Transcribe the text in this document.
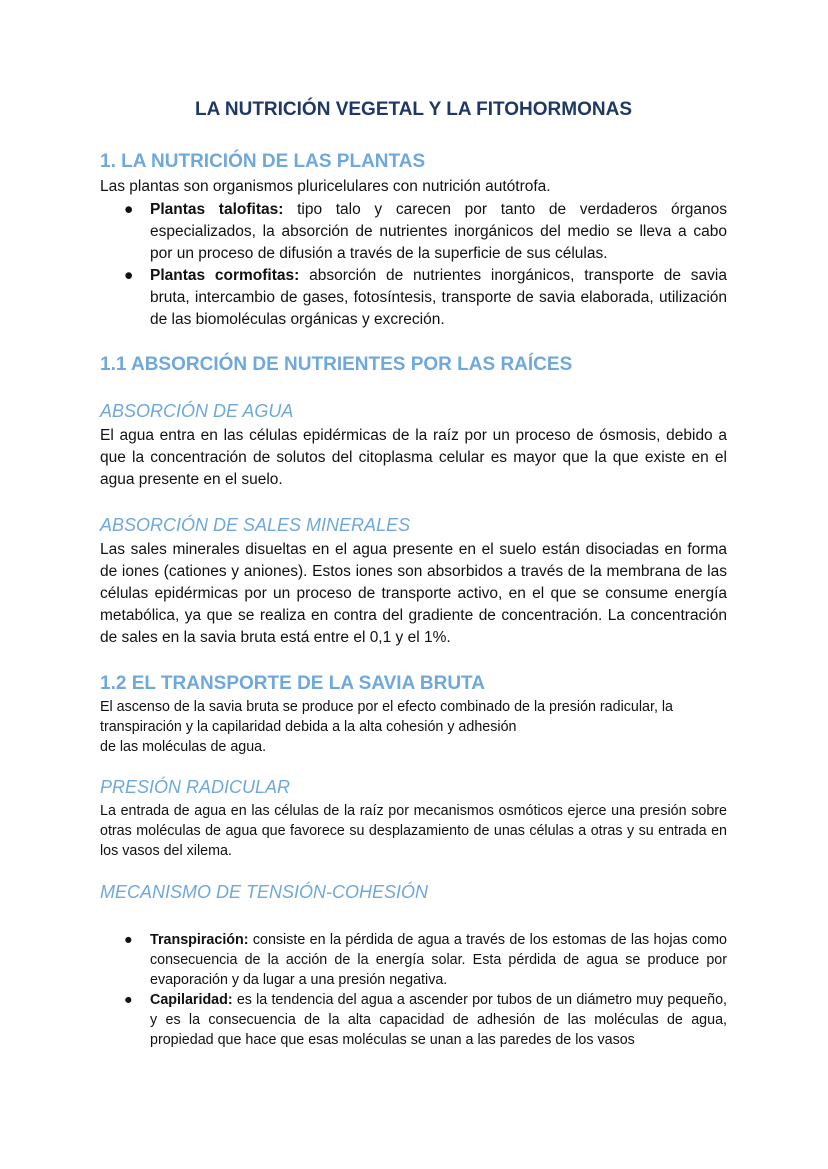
LA NUTRICIÓN VEGETAL Y LA FITOHORMONAS
1. LA NUTRICIÓN DE LAS PLANTAS

Las plantas son organismos pluricelulares con nutrición autótrofa.

● Plantas talofitas: tipo talo y carecen por tanto de verdaderos órganos especializados, la absorción de nutrientes inorgánicos del medio se lleva a cabo por un proceso de difusión a través de la superficie de sus células.
● Plantas cormofitas: absorción de nutrientes inorgánicos, transporte de savia bruta, intercambio de gases, fotosíntesis, transporte de savia elaborada, utilización de las biomoléculas orgánicas y excreción.
1.1 ABSORCIÓN DE NUTRIENTES POR LAS RAÍCES
ABSORCIÓN DE AGUA

El agua entra en las células epidérmicas de la raíz por un proceso de ósmosis, debido a que la concentración de solutos del citoplasma celular es mayor que la que existe en el agua presente en el suelo.

ABSORCIÓN DE SALES MINERALES

Las sales minerales disueltas en el agua presente en el suelo están disociadas en forma de iones (cationes y aniones). Estos iones son absorbidos a través de la membrana de las células epidérmicas por un proceso de transporte activo, en el que se consume energía metabólica, ya que se realiza en contra del gradiente de concentración. La concentración de sales en la savia bruta está entre el 0,1 y el 1%.

1.2 EL TRANSPORTE DE LA SAVIA BRUTA
El ascenso de la savia bruta se produce por el efecto combinado de la presión radicular, la
transpiración y la capilaridad debida a la alta cohesión y adhesión
de las moléculas de agua.
PRESIÓN RADICULAR

La entrada de agua en las células de la raíz por mecanismos osmóticos ejerce una presión sobre otras moléculas de agua que favorece su desplazamiento de unas células a otras y su entrada en los vasos del xilema.

MECANISMO DE TENSIÓN-COHESIÓN
● Transpiración: consiste en la pérdida de agua a través de los estomas de las hojas como consecuencia de la acción de la energía solar. Esta pérdida de agua se produce por evaporación y da lugar a una presión negativa.
● Capilaridad: es la tendencia del agua a ascender por tubos de un diámetro muy pequeño, y es la consecuencia de la alta capacidad de adhesión de las moléculas de agua, propiedad que hace que esas moléculas se unan a las paredes de los vasos
